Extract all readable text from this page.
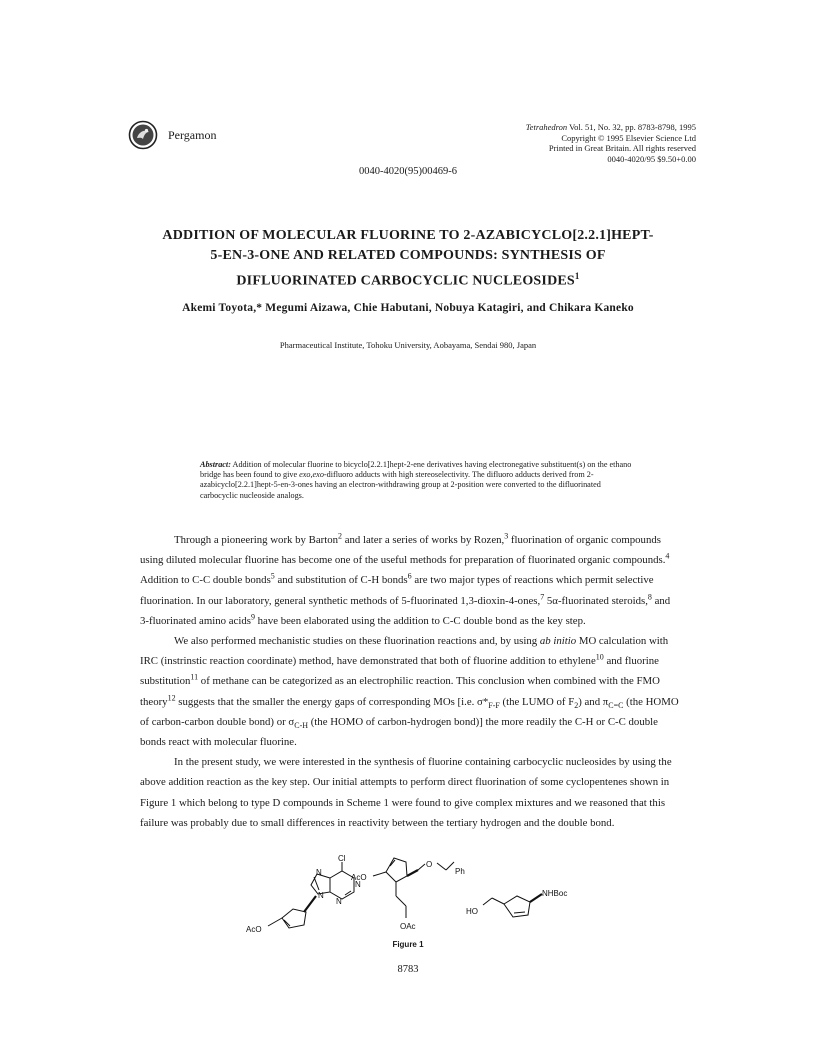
Pergamon
Tetrahedron Vol. 51, No. 32, pp. 8783-8798, 1995
Copyright © 1995 Elsevier Science Ltd
Printed in Great Britain. All rights reserved
0040-4020/95 $9.50+0.00
0040-4020(95)00469-6
ADDITION OF MOLECULAR FLUORINE TO 2-AZABICYCLO[2.2.1]HEPT-
5-EN-3-ONE AND RELATED COMPOUNDS: SYNTHESIS OF
DIFLUORINATED CARBOCYCLIC NUCLEOSIDES$^1$
Akemi Toyota,* Megumi Aizawa, Chie Habutani, Nobuya Katagiri, and Chikara Kaneko
Pharmaceutical Institute, Tohoku University, Aobayama, Sendai 980, Japan
Abstract: Addition of molecular fluorine to bicyclo[2.2.1]hept-2-ene derivatives having electronegative substituent(s) on the ethano bridge has been found to give exo,exo-difluoro adducts with high stereoselectivity. The difluoro adducts derived from 2-azabicyclo[2.2.1]hept-5-en-3-ones having an electron-withdrawing group at 2-position were converted to the difluorinated carbocyclic nucleoside analogs.

Through a pioneering work by Barton$^2$ and later a series of works by Rozen,$^3$ fluorination of organic compounds using diluted molecular fluorine has become one of the useful methods for preparation of fluorinated organic compounds.$^4$ Addition to C-C double bonds$^5$ and substitution of C-H bonds$^6$ are two major types of reactions which permit selective fluorination. In our laboratory, general synthetic methods of 5-fluorinated 1,3-dioxin-4-ones,$^7$ 5α-fluorinated steroids,$^8$ and 3-fluorinated amino acids$^9$ have been elaborated using the addition to C-C double bond as the key step.

We also performed mechanistic studies on these fluorination reactions and, by using ab initio MO calculation with IRC (instrinstic reaction coordinate) method, have demonstrated that both of fluorine addition to ethylene$^{10}$ and fluorine substitution$^{11}$ of methane can be categorized as an electrophilic reaction. This conclusion when combined with the FMO theory$^{12}$ suggests that the smaller the energy gaps of corresponding MOs [i.e. $\sigma*_{F-F}$ (the LUMO of $F_2$) and $\pi_{C=C}$ (the HOMO of carbon-carbon double bond) or $\sigma_{C-H}$ (the HOMO of carbon-hydrogen bond)] the more readily the C-H or C-C double bonds react with molecular fluorine.

In the present study, we were interested in the synthesis of fluorine containing carbocyclic nucleosides by using the above addition reaction as the key step. Our initial attempts to perform direct fluorination of some cyclopentenes shown in Figure 1 which belong to type D compounds in Scheme 1 were found to give complex mixtures and we reasoned that this failure was probably due to small differences in reactivity between the tertiary hydrogen and the double bond.

Cl
N
N
N
N
AcO
AcO
O
Ph
OAc
HO
NHBoc
Figure 1
8783
